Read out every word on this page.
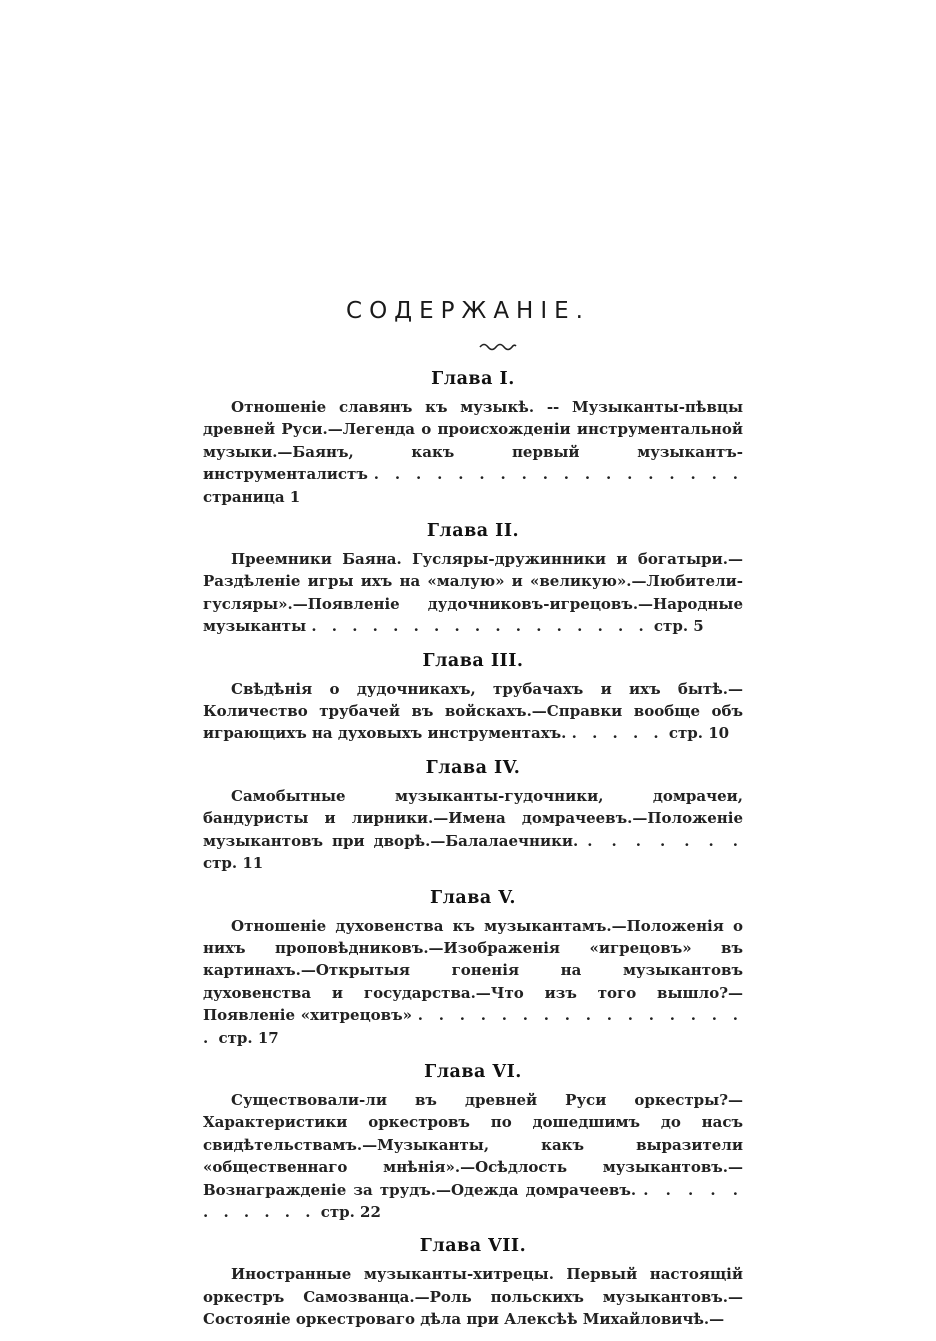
СОДЕРЖАНIЕ.
Глава I.

Отношенiе славянъ къ музыкѣ. -- Музыканты-пѣвцы древней Руси.—Легенда о происхожденiи инструментальной музыки.—Баянъ, какъ первый музыкантъ-инструменталистъ . . . . . . . . . . . . . . . . . . страница 1

Глава II.

Преемники Баяна. Гусляры-дружинники и богатыри.—Раздѣленiе игры ихъ на «малую» и «великую».—Любители-гусляры».—Появленiе дудочниковъ-игрецовъ.—Народные музыканты . . . . . . . . . . . . . . . . . стр. 5

Глава III.

Свѣдѣнiя о дудочникахъ, трубачахъ и ихъ бытѣ.—Количество трубачей въ войскахъ.—Справки вообще объ играющихъ на духовыхъ инструментахъ. . . . . . стр. 10

Глава IV.

Самобытные музыканты-гудочники, домрачеи, бандуристы и лирники.—Имена домрачеевъ.—Положенiе музыкантовъ при дворѣ.—Балалаечники. . . . . . . . стр. 11

Глава V.

Отношенiе духовенства къ музыкантамъ.—Положенiя о нихъ проповѣдниковъ.—Изображенiя «игрецовъ» въ картинахъ.—Открытыя гоненiя на музыкантовъ духовенства и государства.—Что изъ того вышло?—Появленiе «хитрецовъ» . . . . . . . . . . . . . . . . . стр. 17

Глава VI.

Существовали-ли въ древней Руси оркестры?—Характеристики оркестровъ по дошедшимъ до насъ свидѣтельствамъ.—Музыканты, какъ выразители «общественнаго мнѣнiя».—Осѣдлость музыкантовъ.—Вознагражденiе за трудъ.—Одежда домрачеевъ. . . . . . . . . . . . стр. 22

Глава VII.

Иностранные музыканты-хитрецы. Первый настоящiй оркестръ Самозванца.—Роль польскихъ музыкантовъ.—Состоянiе оркестроваго дѣла при Алексѣѣ Михайловичѣ.—
